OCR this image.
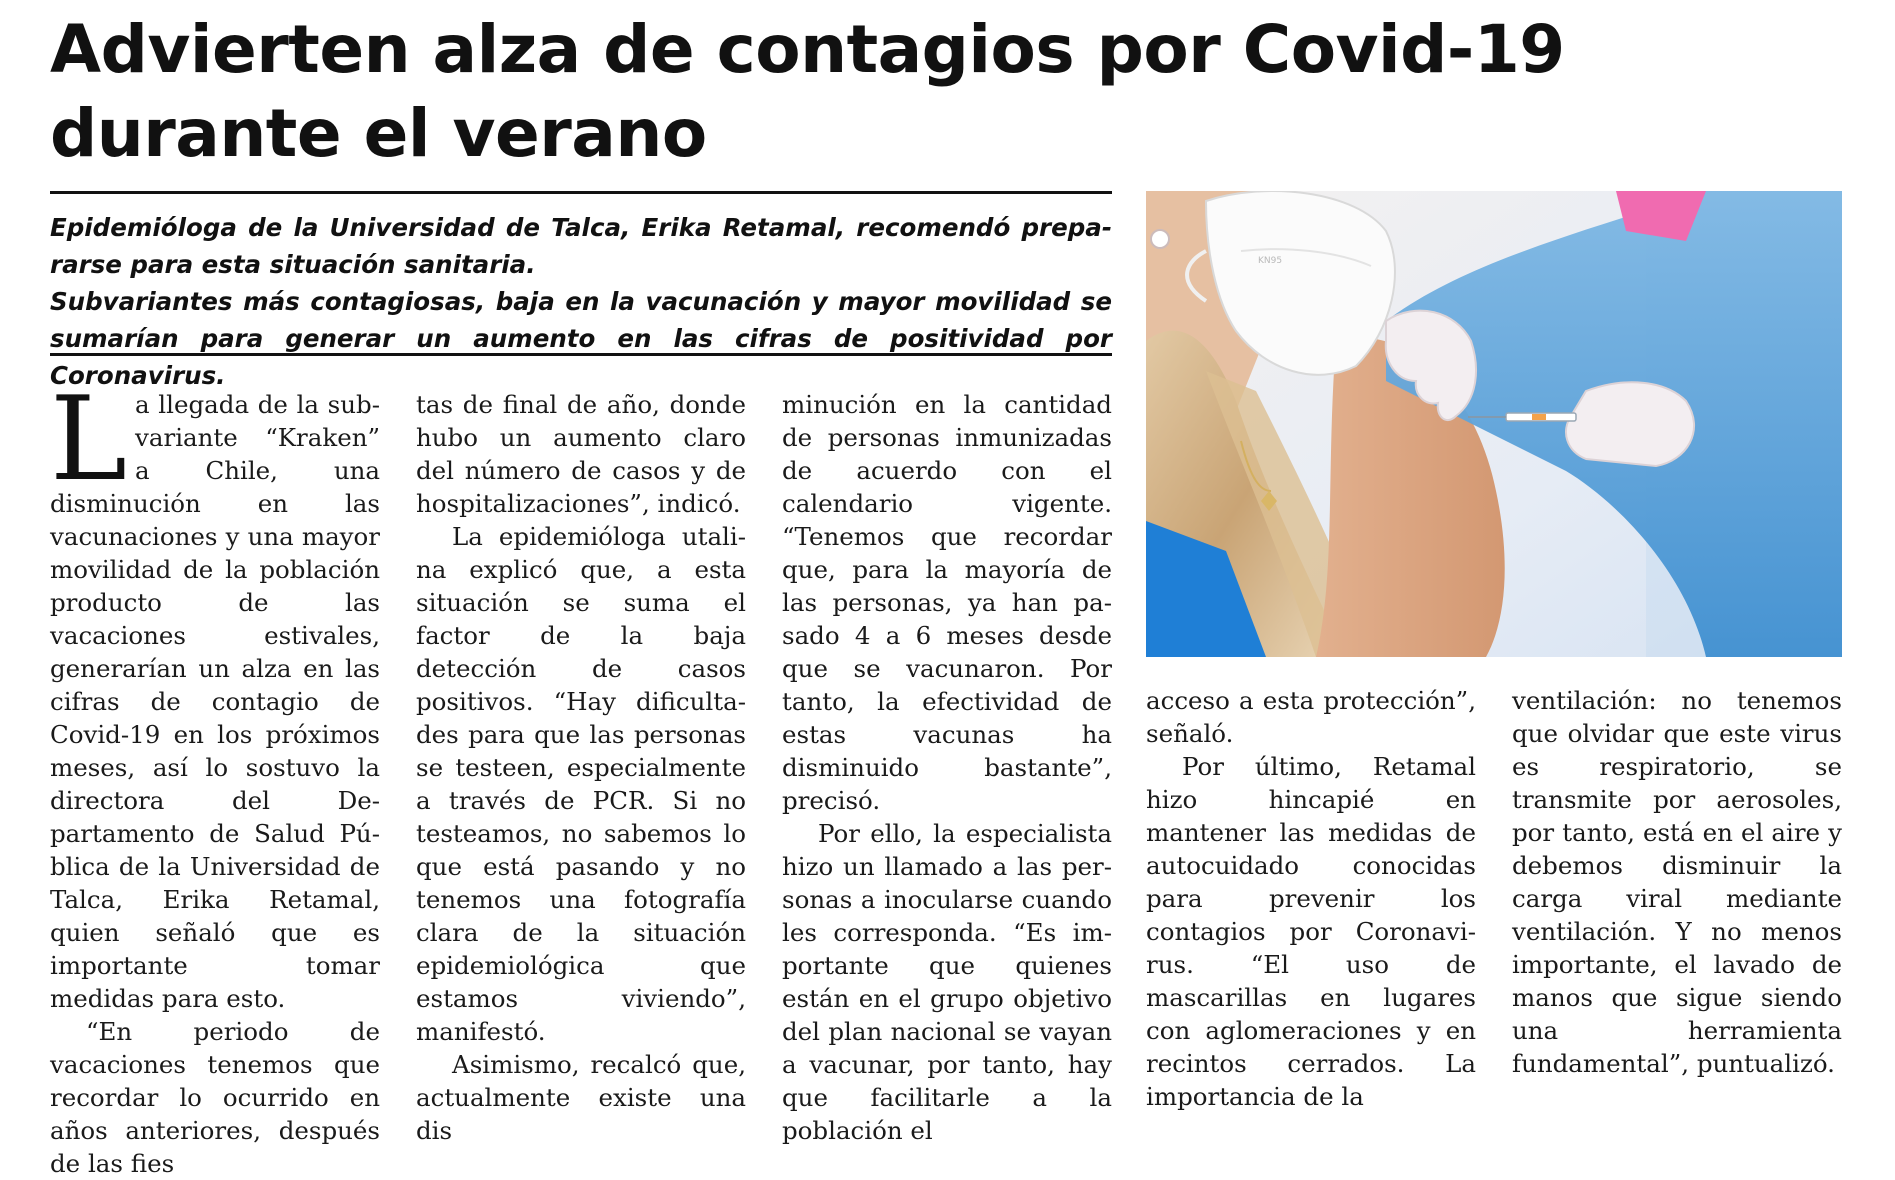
Advierten alza de contagios por Covid-19 durante el verano

Epidemióloga de la Universidad de Talca, Erika Retamal, recomendó prepararse para esta situación sanitaria.

Subvariantes más contagiosas, baja en la vacunación y mayor movilidad se sumarían para generar un aumento en las cifras de positividad por Coronavirus.

KN95

La llegada de la subvariante “Kraken” a Chile, una disminución en las vacunaciones y una mayor movilidad de la población producto de las vacaciones estivales, generarían un alza en las cifras de contagio de Covid-19 en los próximos meses, así lo sostuvo la directora del Departamento de Salud Pública de la Universidad de Talca, Erika Retamal, quien señaló que es importante tomar medidas para esto.

“En periodo de vacaciones tenemos que recordar lo ocurrido en años anteriores, después de las fies

tas de final de año, donde hubo un aumento claro del número de casos y de hospitalizaciones”, indicó.

La epidemióloga utalina explicó que, a esta situación se suma el factor de la baja detección de casos positivos. “Hay dificultades para que las personas se testeen, especialmente a través de PCR. Si no testeamos, no sabemos lo que está pasando y no tenemos una fotografía clara de la situación epidemiológica que estamos viviendo”, manifestó.

Asimismo, recalcó que, actualmente existe una dis

minución en la cantidad de personas inmunizadas de acuerdo con el calendario vigente. “Tenemos que recordar que, para la mayoría de las personas, ya han pasado 4 a 6 meses desde que se vacunaron. Por tanto, la efectividad de estas vacunas ha disminuido bastante”, precisó.

Por ello, la especialista hizo un llamado a las personas a inocularse cuando les corresponda. “Es importante que quienes están en el grupo objetivo del plan nacional se vayan a vacunar, por tanto, hay que facilitarle a la población el

acceso a esta protección”, señaló.

Por último, Retamal hizo hincapié en mantener las medidas de autocuidado conocidas para prevenir los contagios por Coronavirus. “El uso de mascarillas en lugares con aglomeraciones y en recintos cerrados. La importancia de la

ventilación: no tenemos que olvidar que este virus es respiratorio, se transmite por aerosoles, por tanto, está en el aire y debemos disminuir la carga viral mediante ventilación. Y no menos importante, el lavado de manos que sigue siendo una herramienta fundamental”, puntualizó.
